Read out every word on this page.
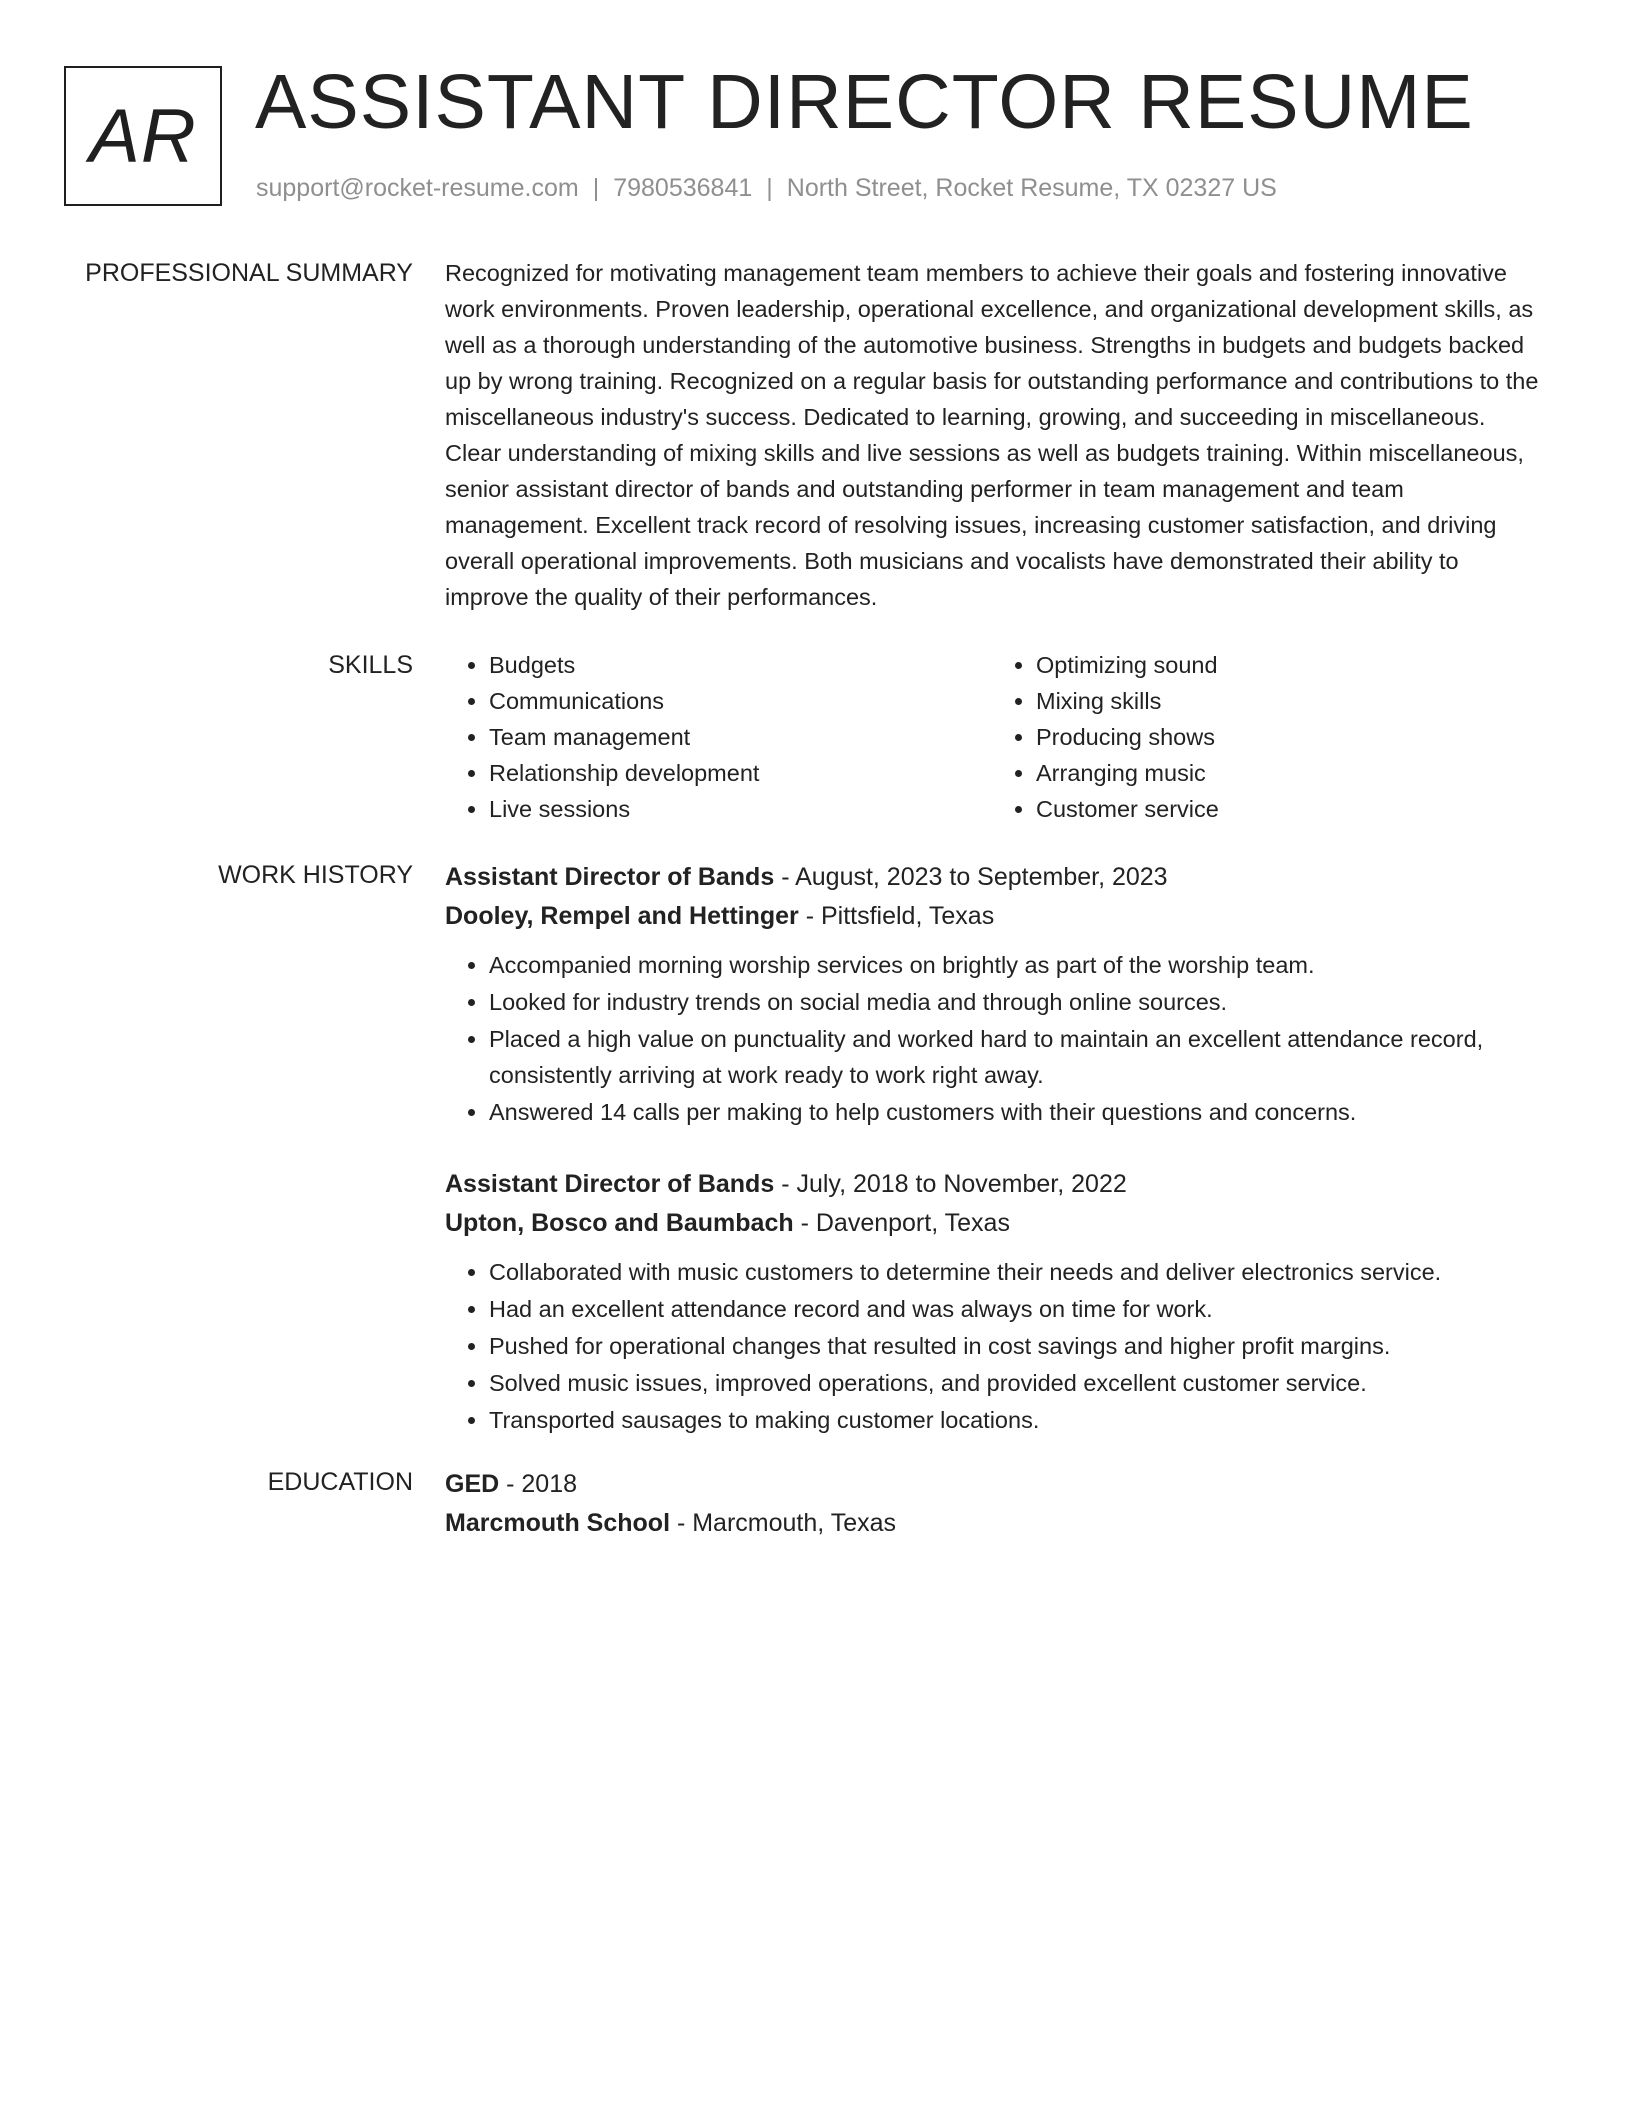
AR ASSISTANT DIRECTOR RESUME
support@rocket-resume.com | 7980536841 | North Street, Rocket Resume, TX 02327 US
PROFESSIONAL SUMMARY Recognized for motivating management team members to achieve their goals and fostering innovative work environments. Proven leadership, operational excellence, and organizational development skills, as well as a thorough understanding of the automotive business. Strengths in budgets and budgets backed up by wrong training. Recognized on a regular basis for outstanding performance and contributions to the miscellaneous industry's success. Dedicated to learning, growing, and succeeding in miscellaneous. Clear understanding of mixing skills and live sessions as well as budgets training. Within miscellaneous, senior assistant director of bands and outstanding performer in team management and team management. Excellent track record of resolving issues, increasing customer satisfaction, and driving overall operational improvements. Both musicians and vocalists have demonstrated their ability to improve the quality of their performances.

SKILLS
•	Budgets
• Communications
• Team management
• Relationship development
• Live sessions
• Optimizing sound
• Mixing skills
• Producing shows
• Arranging music
• Customer service
WORK HISTORY Assistant Director of Bands - August, 2023 to September, 2023
Dooley, Rempel and Hettinger - Pittsfield, Texas
• Accompanied morning worship services on brightly as part of the worship team.
• Looked for industry trends on social media and through online sources.
• Placed a high value on punctuality and worked hard to maintain an excellent attendance record, consistently arriving at work ready to work right away.
• Answered 14 calls per making to help customers with their questions and concerns.
Assistant Director of Bands - July, 2018 to November, 2022
Upton, Bosco and Baumbach - Davenport, Texas
• Collaborated with music customers to determine their needs and deliver electronics service.
• Had an excellent attendance record and was always on time for work.
• Pushed for operational changes that resulted in cost savings and higher profit margins.
• Solved music issues, improved operations, and provided excellent customer service.
• Transported sausages to making customer locations.
EDUCATION GED - 2018
Marcmouth School - Marcmouth, Texas
